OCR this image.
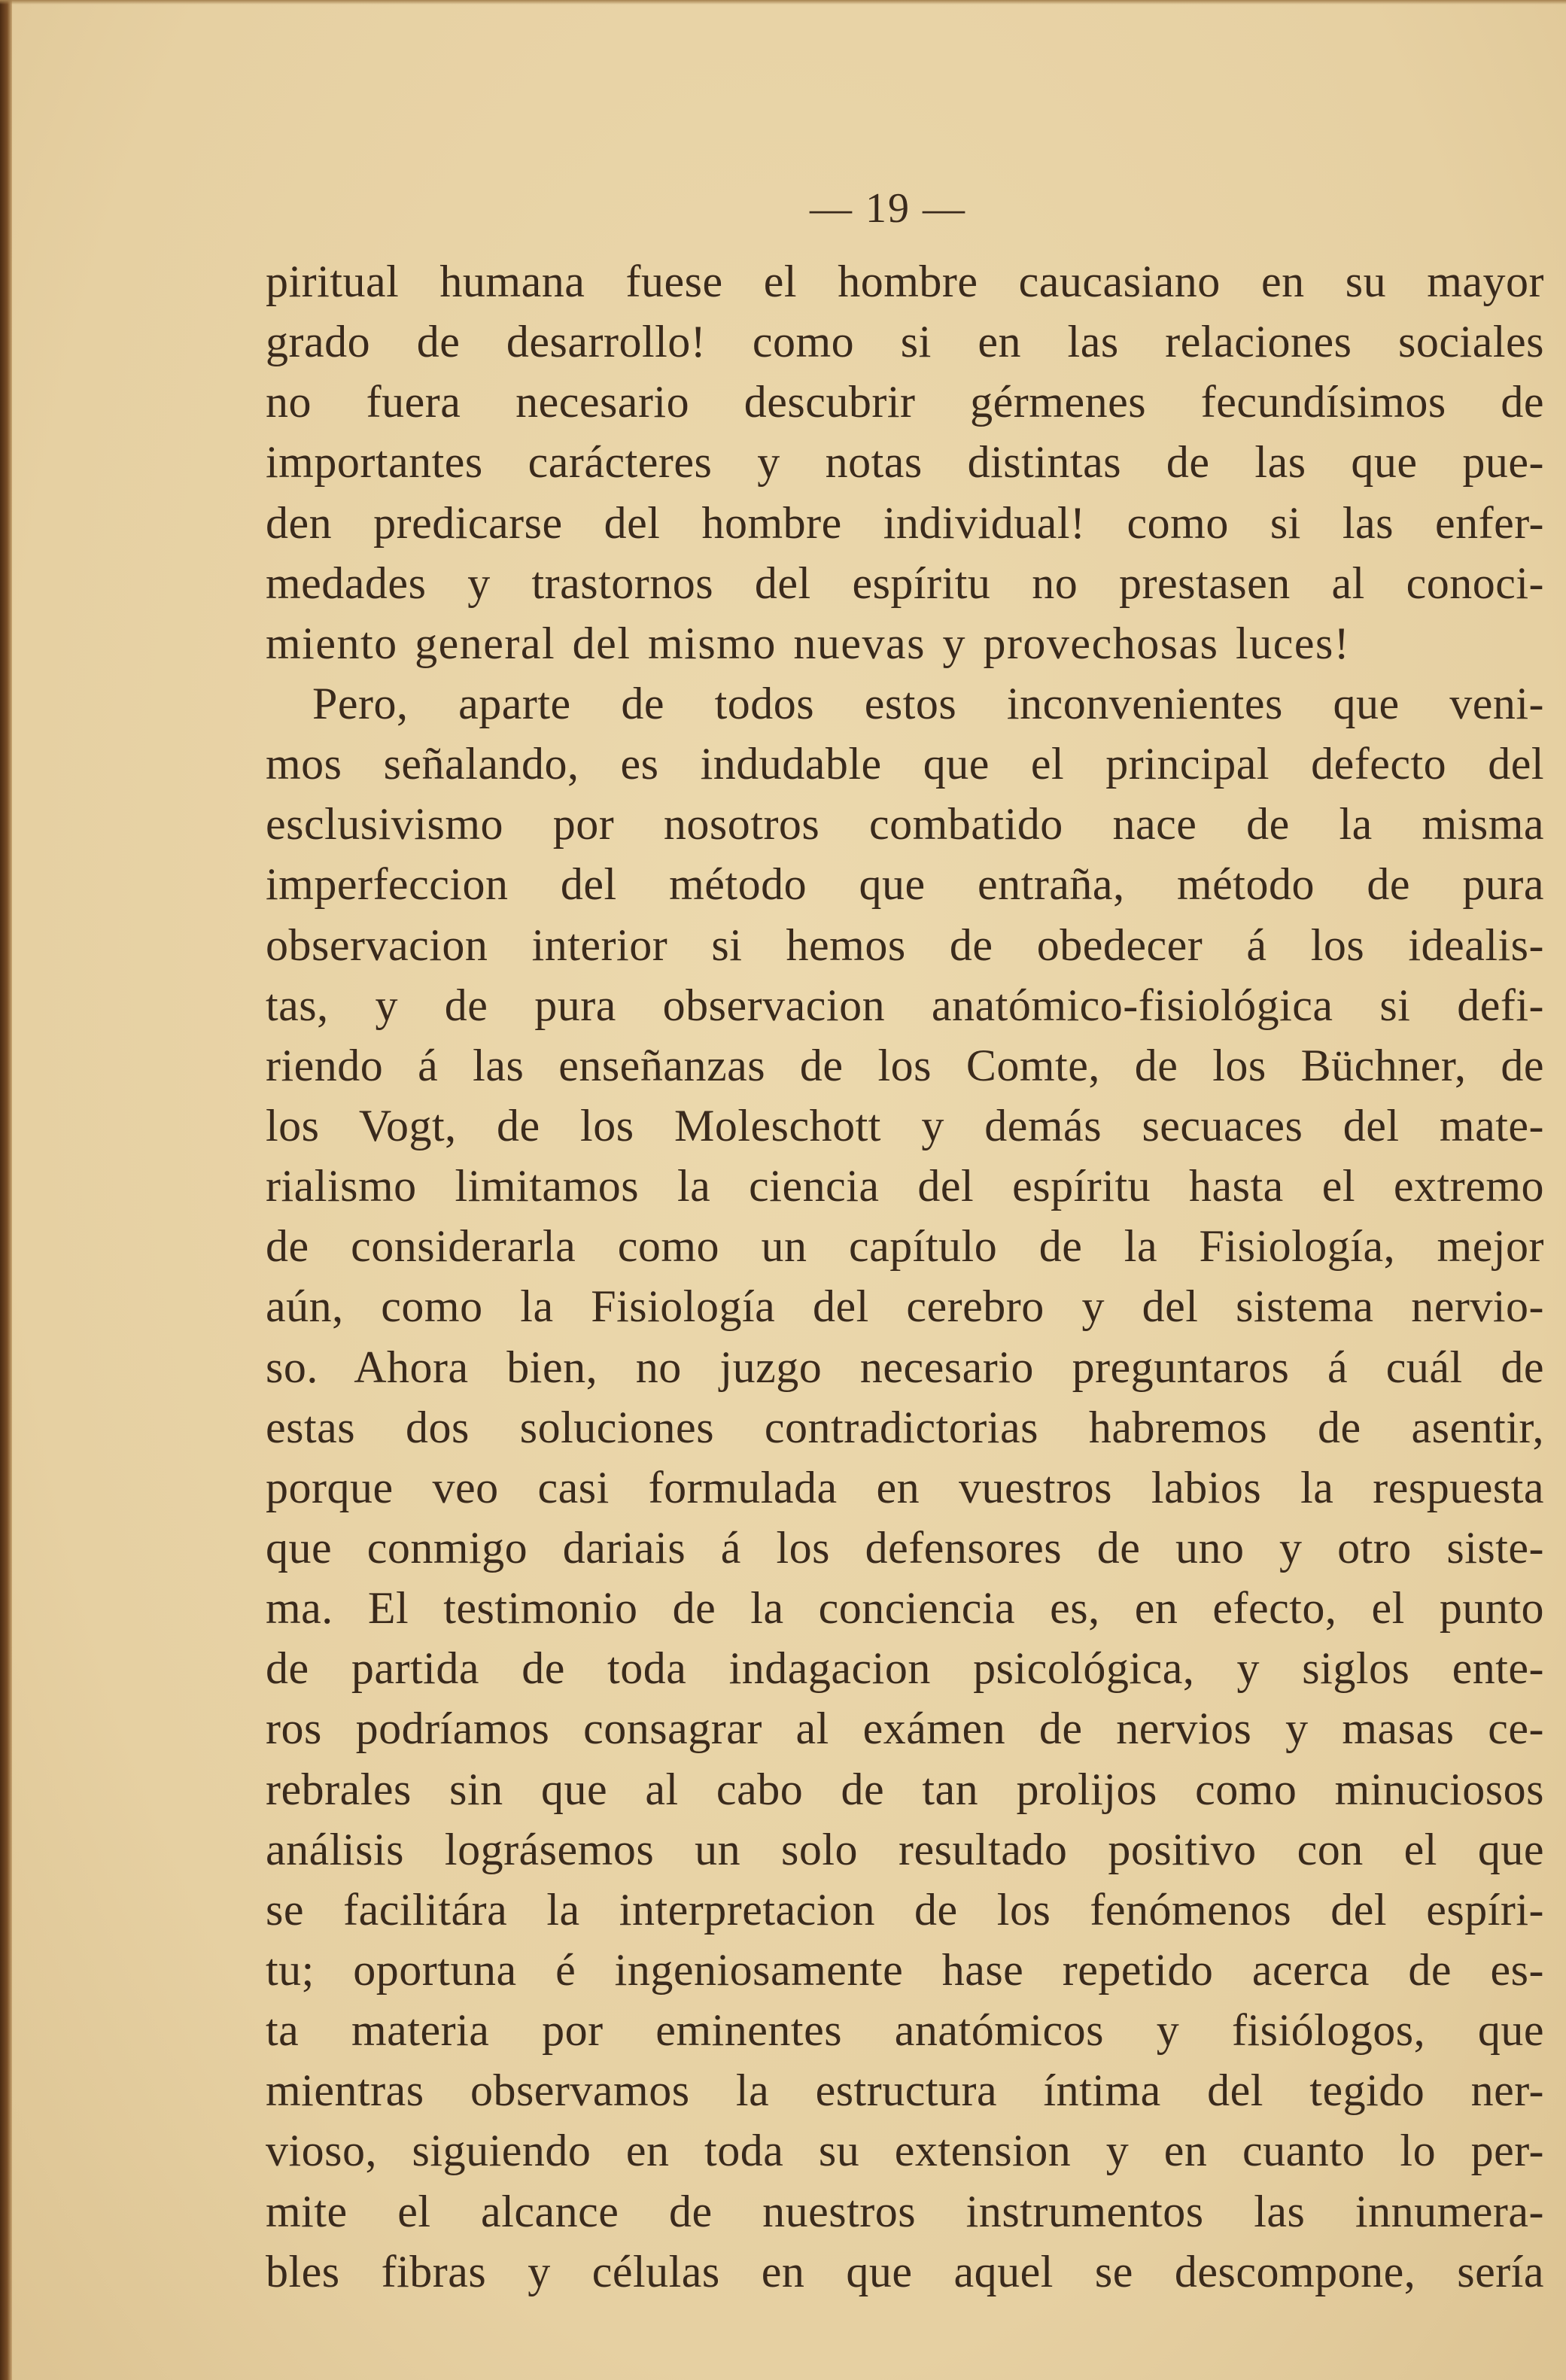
— 19 —
piritual humana fuese el hombre caucasiano en su mayor
grado de desarrollo! como si en las relaciones sociales
no fuera necesario descubrir gérmenes fecundísimos de
importantes carácteres y notas distintas de las que pue-
den predicarse del hombre individual! como si las enfer-
medades y trastornos del espíritu no prestasen al conoci-
miento general del mismo nuevas y provechosas luces!
Pero, aparte de todos estos inconvenientes que veni-
mos señalando, es indudable que el principal defecto del
esclusivismo por nosotros combatido nace de la misma
imperfeccion del método que entraña, método de pura
observacion interior si hemos de obedecer á los idealis-
tas, y de pura observacion anatómico-fisiológica si defi-
riendo á las enseñanzas de los Comte, de los Büchner, de
los Vogt, de los Moleschott y demás secuaces del mate-
rialismo limitamos la ciencia del espíritu hasta el extremo
de considerarla como un capítulo de la Fisiología, mejor
aún, como la Fisiología del cerebro y del sistema nervio-
so. Ahora bien, no juzgo necesario preguntaros á cuál de
estas dos soluciones contradictorias habremos de asentir,
porque veo casi formulada en vuestros labios la respuesta
que conmigo dariais á los defensores de uno y otro siste-
ma. El testimonio de la conciencia es, en efecto, el punto
de partida de toda indagacion psicológica, y siglos ente-
ros podríamos consagrar al exámen de nervios y masas ce-
rebrales sin que al cabo de tan prolijos como minuciosos
análisis lográsemos un solo resultado positivo con el que
se facilitára la interpretacion de los fenómenos del espíri-
tu; oportuna é ingeniosamente hase repetido acerca de es-
ta materia por eminentes anatómicos y fisiólogos, que
mientras observamos la estructura íntima del tegido ner-
vioso, siguiendo en toda su extension y en cuanto lo per-
mite el alcance de nuestros instrumentos las innumera-
bles fibras y células en que aquel se descompone, sería
